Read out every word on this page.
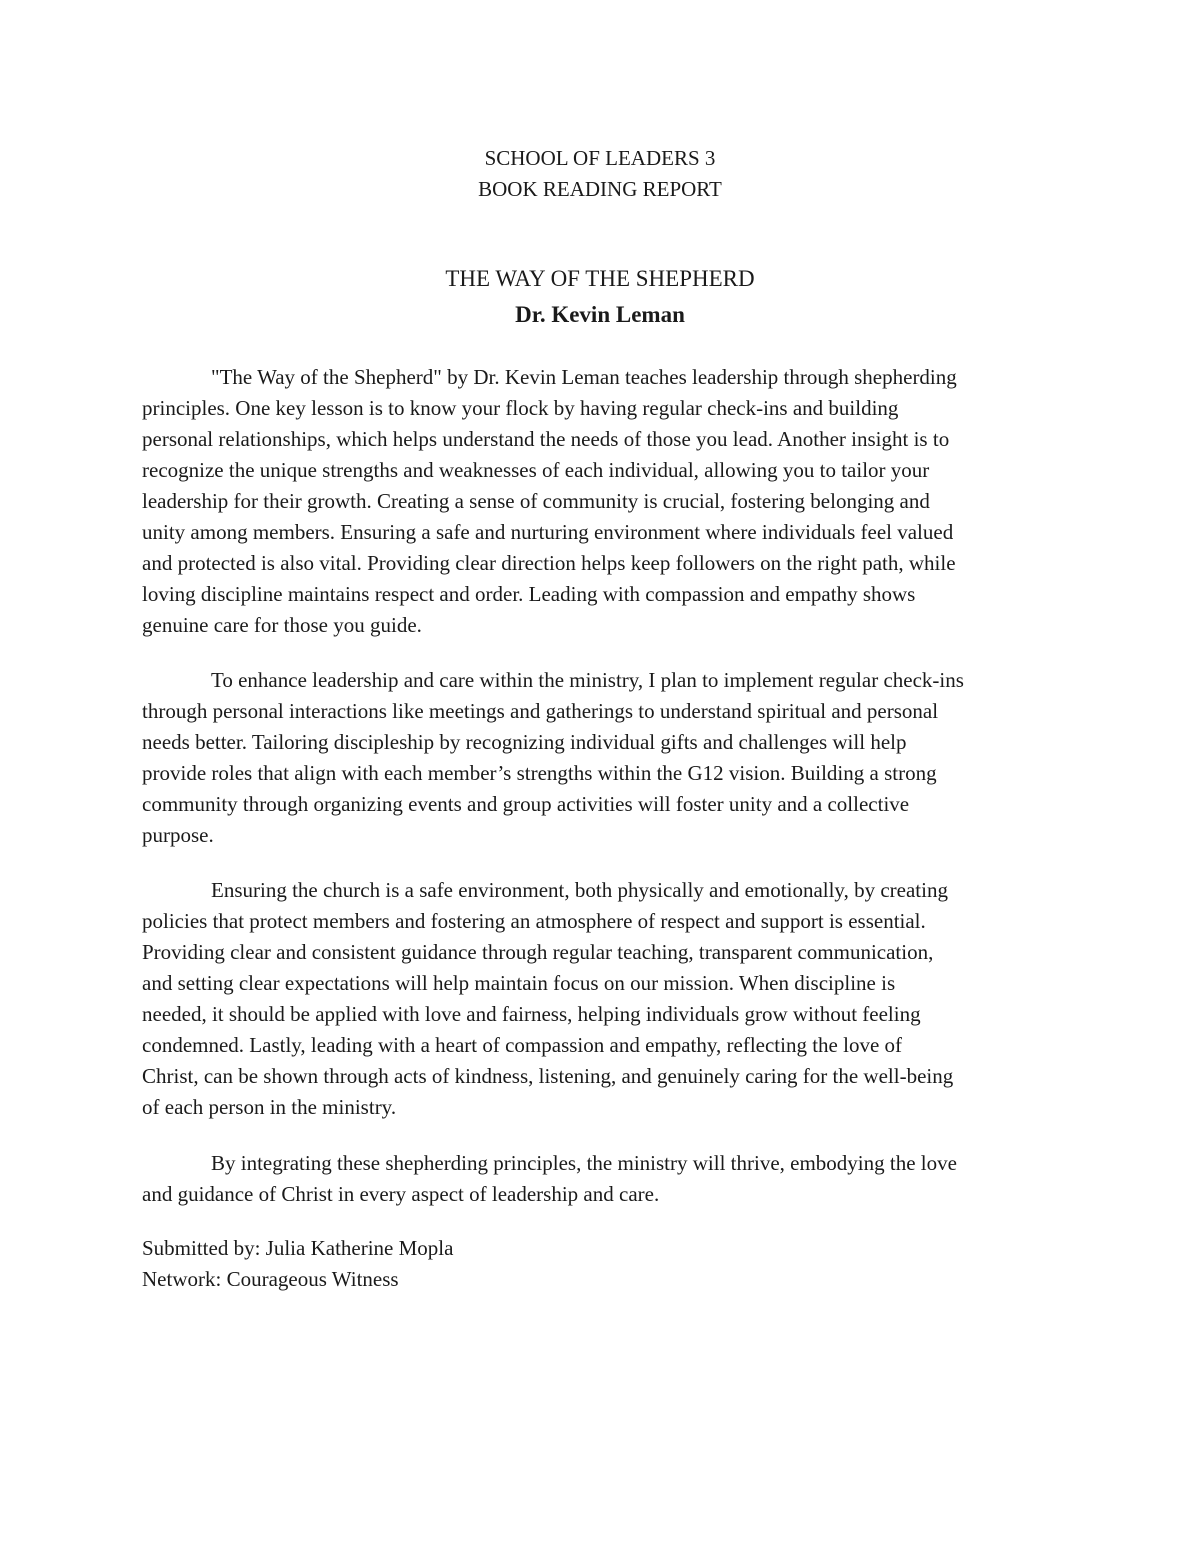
SCHOOL OF LEADERS 3
BOOK READING REPORT
THE WAY OF THE SHEPHERD
Dr. Kevin Leman
"The Way of the Shepherd" by Dr. Kevin Leman teaches leadership through shepherding
principles. One key lesson is to know your flock by having regular check-ins and building
personal relationships, which helps understand the needs of those you lead. Another insight is to
recognize the unique strengths and weaknesses of each individual, allowing you to tailor your
leadership for their growth. Creating a sense of community is crucial, fostering belonging and
unity among members. Ensuring a safe and nurturing environment where individuals feel valued
and protected is also vital. Providing clear direction helps keep followers on the right path, while
loving discipline maintains respect and order. Leading with compassion and empathy shows
genuine care for those you guide.
To enhance leadership and care within the ministry, I plan to implement regular check-ins
through personal interactions like meetings and gatherings to understand spiritual and personal
needs better. Tailoring discipleship by recognizing individual gifts and challenges will help
provide roles that align with each member’s strengths within the G12 vision. Building a strong
community through organizing events and group activities will foster unity and a collective
purpose.
Ensuring the church is a safe environment, both physically and emotionally, by creating
policies that protect members and fostering an atmosphere of respect and support is essential.
Providing clear and consistent guidance through regular teaching, transparent communication,
and setting clear expectations will help maintain focus on our mission. When discipline is
needed, it should be applied with love and fairness, helping individuals grow without feeling
condemned. Lastly, leading with a heart of compassion and empathy, reflecting the love of
Christ, can be shown through acts of kindness, listening, and genuinely caring for the well-being
of each person in the ministry.
By integrating these shepherding principles, the ministry will thrive, embodying the love
and guidance of Christ in every aspect of leadership and care.
Submitted by: Julia Katherine Mopla
Network: Courageous Witness
